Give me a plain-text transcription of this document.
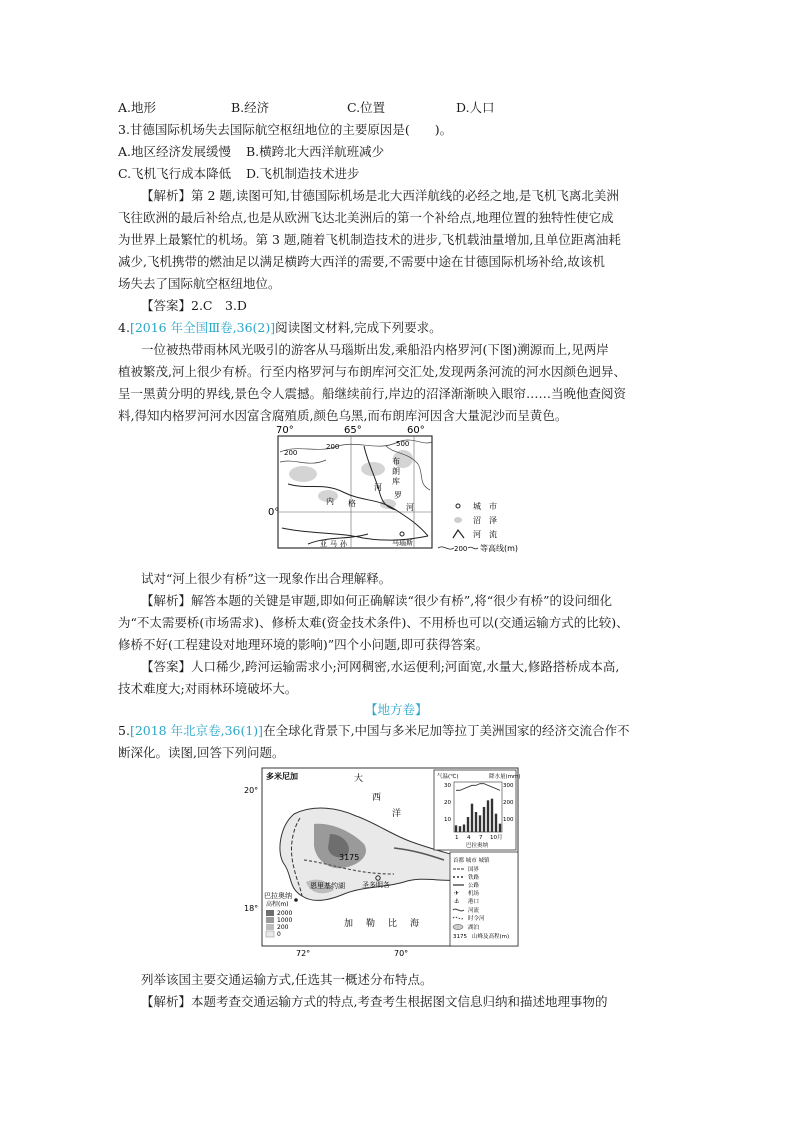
A.地形	B.经济	C.位置	D.人口
3.甘德国际机场失去国际航空枢纽地位的主要原因是(　　)。
A.地区经济发展缓慢 B.横跨北大西洋航班减少
C.飞机飞行成本降低 D.飞机制造技术进步
【解析】第 2 题,读图可知,甘德国际机场是北大西洋航线的必经之地,是飞机飞离北美洲
飞往欧洲的最后补给点,也是从欧洲飞达北美洲后的第一个补给点,地理位置的独特性使它成
为世界上最繁忙的机场。第 3 题,随着飞机制造技术的进步,飞机载油量增加,且单位距离油耗
减少,飞机携带的燃油足以满足横跨大西洋的需要,不需要中途在甘德国际机场补给,故该机
场失去了国际航空枢纽地位。
【答案】2.C　3.D
4.[2016 年全国Ⅲ卷,36(2)]阅读图文材料,完成下列要求。
一位被热带雨林风光吸引的游客从马瑙斯出发,乘船沿内格罗河(下图)溯源而上,见两岸
植被繁茂,河上很少有桥。行至内格罗河与布朗库河交汇处,发现两条河流的河水因颜色迥异、
呈一黑黄分明的界线,景色令人震撼。船继续前行,岸边的沼泽渐渐映入眼帘……当晚他查阅资
料,得知内格罗河河水因富含腐殖质,颜色乌黑,而布朗库河因含大量泥沙而呈黄色。
70°	65°	60°
0°
200
200	500
内 格
罗
河
布
朗
库
河
亚 马 孙	马瑙斯
城　市
沼　泽
河　流
200 等高线(m)
试对“河上很少有桥”这一现象作出合理解释。
【解析】解答本题的关键是审题,即如何正确解读“很少有桥”,将“很少有桥”的设问细化
为“不太需要桥(市场需求)、修桥太难(资金技术条件)、不用桥也可以(交通运输方式的比较)、
修桥不好(工程建设对地理环境的影响)”四个小问题,即可获得答案。
【答案】人口稀少,跨河运输需求小;河网稠密,水运便利;河面宽,水量大,修路搭桥成本高,
技术难度大;对雨林环境破坏大。
【地方卷】
5.[2018 年北京卷,36(1)]在全球化背景下,中国与多米尼加等拉丁美洲国家的经济交流合作不
断深化。读图,回答下列问题。
多米尼加
20°
18°
72°	70°
大
西
洋
3175
恩里基约湖
巴拉奥纳
圣多明各
加 勒 比 海
高程(m)
2000
1000
200
0
首都 城市 城镇
国界
铁路
公路
✈ 机场
⚓ 港口
河流
时令河
湖泊
3175 山峰及高程(m)
气温(℃)	降水量(mm)
30
20
10
300
200
100
1 4 7 10月
巴拉奥纳
列举该国主要交通运输方式,任选其一概述分布特点。
【解析】本题考查交通运输方式的特点,考查考生根据图文信息归纳和描述地理事物的
